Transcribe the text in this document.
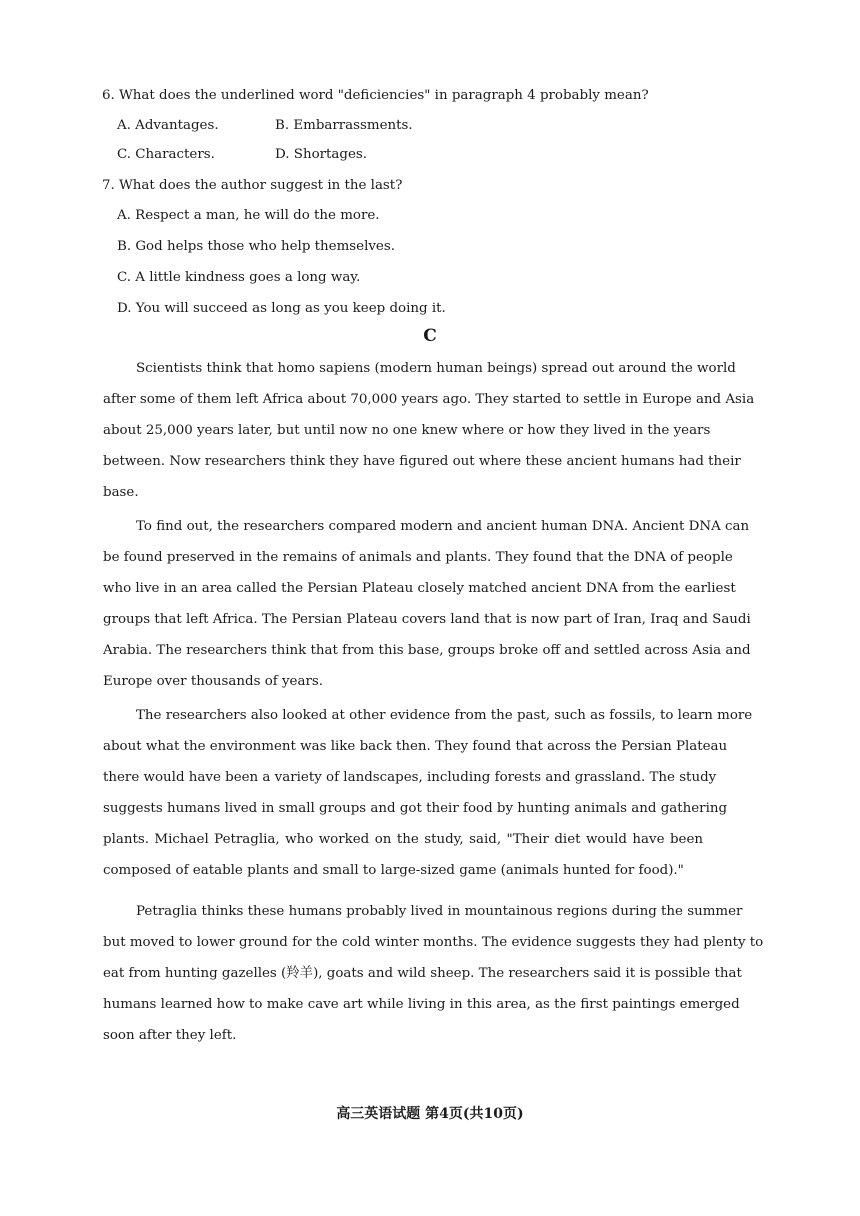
6. What does the underlined word "deficiencies" in paragraph 4 probably mean?
A. Advantages.	B. Embarrassments.
C. Characters.	D. Shortages.
7. What does the author suggest in the last?
A. Respect a man, he will do the more.
B. God helps those who help themselves.
C. A little kindness goes a long way.
D. You will succeed as long as you keep doing it.
C
Scientists think that homo sapiens (modern human beings) spread out around the world
after some of them left Africa about 70,000 years ago. They started to settle in Europe and Asia
about 25,000 years later, but until now no one knew where or how they lived in the years
between. Now researchers think they have figured out where these ancient humans had their
base.
To find out, the researchers compared modern and ancient human DNA. Ancient DNA can
be found preserved in the remains of animals and plants. They found that the DNA of people
who live in an area called the Persian Plateau closely matched ancient DNA from the earliest
groups that left Africa. The Persian Plateau covers land that is now part of Iran, Iraq and Saudi
Arabia. The researchers think that from this base, groups broke off and settled across Asia and
Europe over thousands of years.
The researchers also looked at other evidence from the past, such as fossils, to learn more
about what the environment was like back then. They found that across the Persian Plateau
there would have been a variety of landscapes, including forests and grassland. The study
suggests humans lived in small groups and got their food by hunting animals and gathering
plants. Michael Petraglia, who worked on the study, said, "Their diet would have been
composed of eatable plants and small to large-sized game (animals hunted for food)."
Petraglia thinks these humans probably lived in mountainous regions during the summer
but moved to lower ground for the cold winter months. The evidence suggests they had plenty to
eat from hunting gazelles (羚羊), goats and wild sheep. The researchers said it is possible that
humans learned how to make cave art while living in this area, as the first paintings emerged
soon after they left.
高三英语试题 第4页(共10页)
